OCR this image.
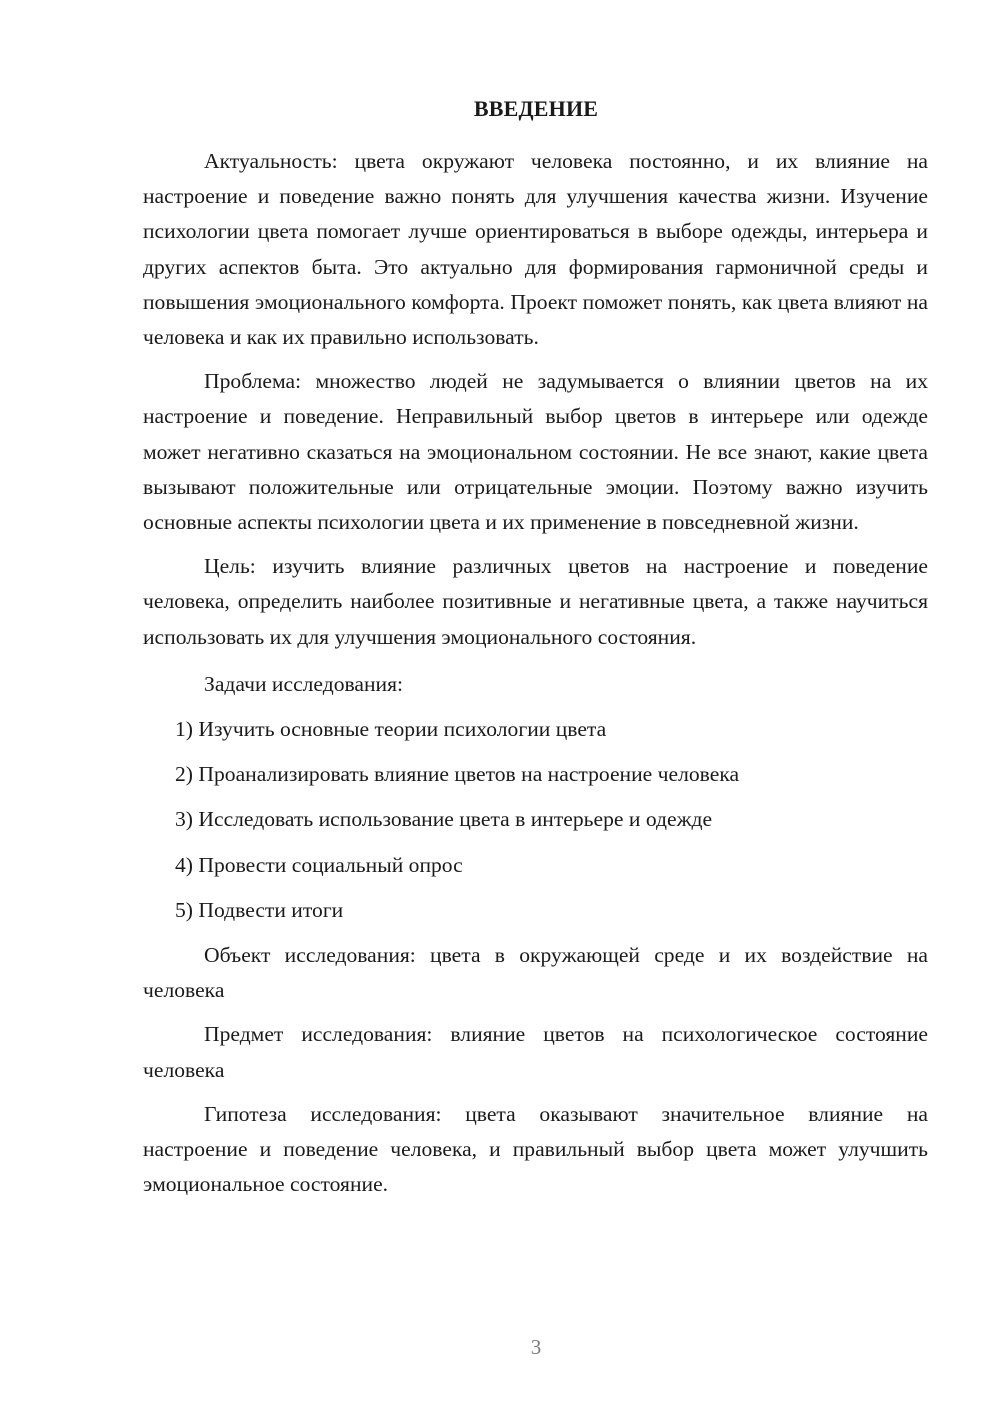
ВВЕДЕНИЕ

Актуальность: цвета окружают человека постоянно, и их влияние на настроение и поведение важно понять для улучшения качества жизни. Изучение психологии цвета помогает лучше ориентироваться в выборе одежды, интерьера и других аспектов быта. Это актуально для формирования гармоничной среды и повышения эмоционального комфорта. Проект поможет понять, как цвета влияют на человека и как их правильно использовать.

Проблема: множество людей не задумывается о влиянии цветов на их настроение и поведение. Неправильный выбор цветов в интерьере или одежде может негативно сказаться на эмоциональном состоянии. Не все знают, какие цвета вызывают положительные или отрицательные эмоции. Поэтому важно изучить основные аспекты психологии цвета и их применение в повседневной жизни.

Цель: изучить влияние различных цветов на настроение и поведение человека, определить наиболее позитивные и негативные цвета, а также научиться использовать их для улучшения эмоционального состояния.

Задачи исследования:

1) Изучить основные теории психологии цвета

2) Проанализировать влияние цветов на настроение человека

3) Исследовать использование цвета в интерьере и одежде

4) Провести социальный опрос

5) Подвести итоги

Объект исследования: цвета в окружающей среде и их воздействие на человека

Предмет исследования: влияние цветов на психологическое состояние человека

Гипотеза исследования: цвета оказывают значительное влияние на настроение и поведение человека, и правильный выбор цвета может улучшить эмоциональное состояние.

3
